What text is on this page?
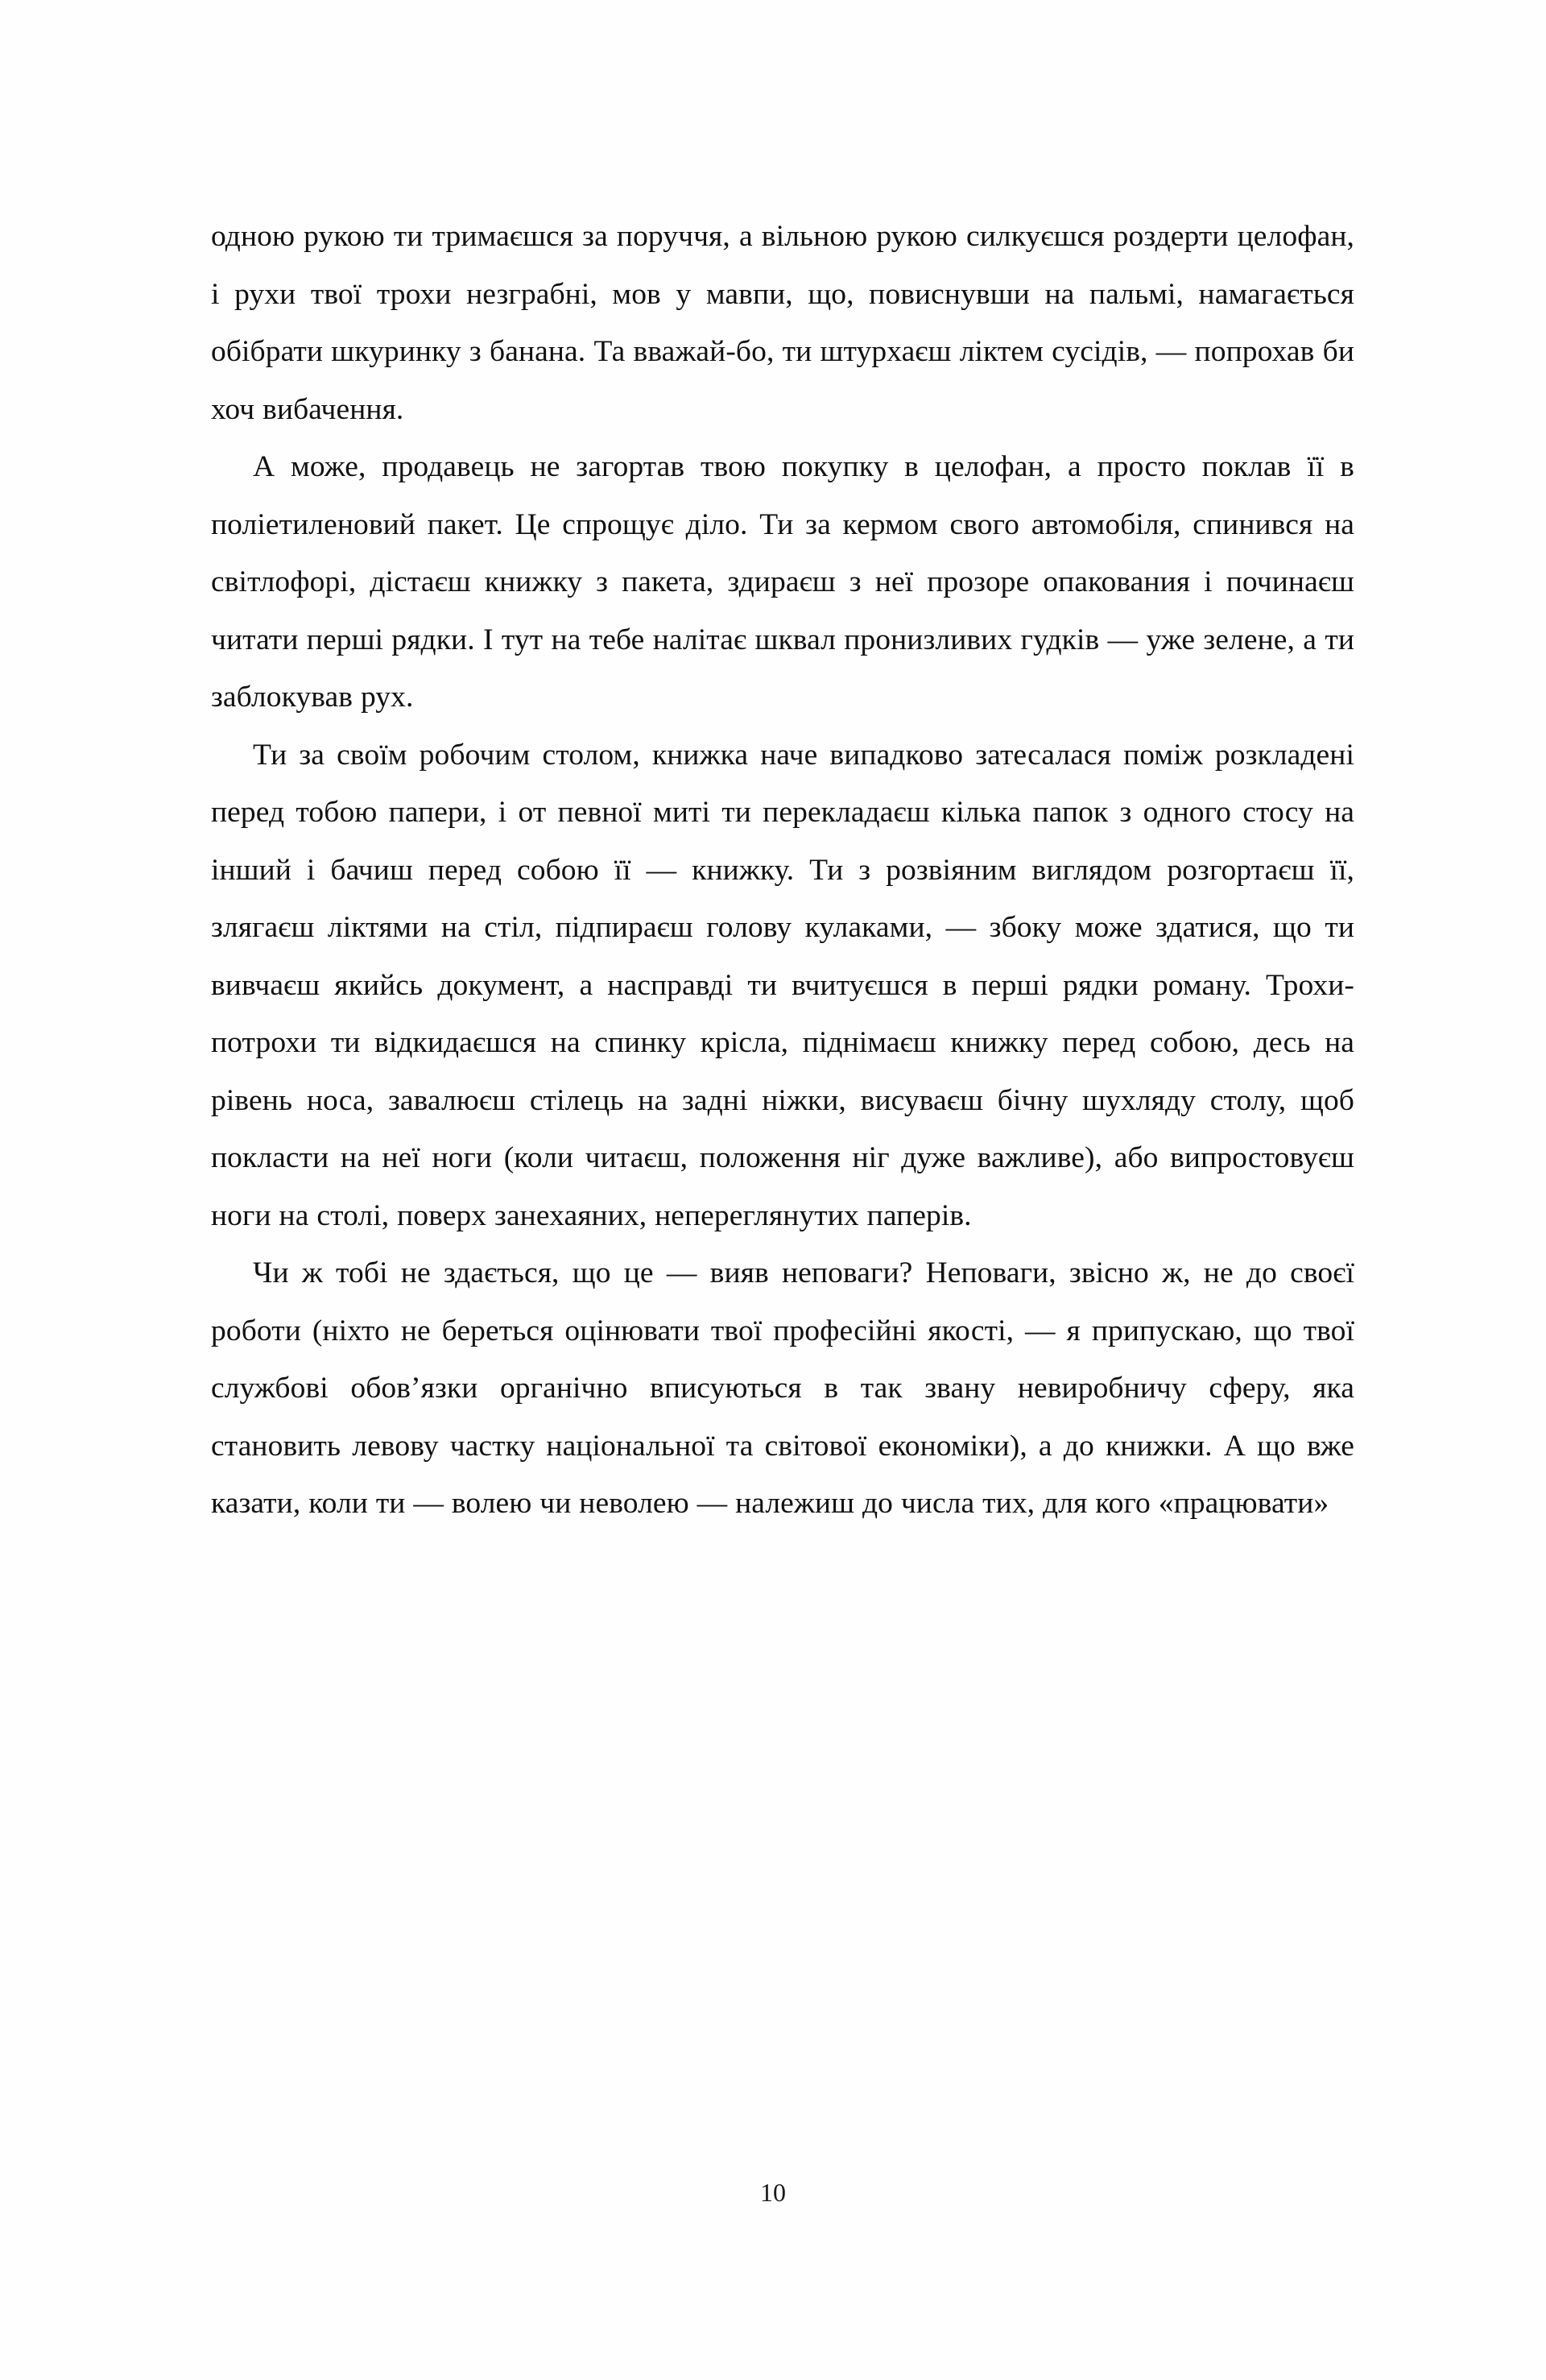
одною рукою ти тримаєшся за поруччя, а вільною рукою силкуєшся роздерти целофан, і рухи твої трохи незграбні, мов у мавпи, що, повиснувши на пальмі, намагається обібрати шкуринку з банана. Та вважай-бо, ти штурхаєш ліктем сусідів, — попрохав би хоч вибачення.

А може, продавець не загортав твою покупку в целофан, а просто поклав її в поліетиленовий пакет. Це спрощує діло. Ти за кермом свого автомобіля, спинився на світлофорі, дістаєш книжку з пакета, здираєш з неї прозоре опакования і починаєш читати перші рядки. І тут на тебе налітає шквал пронизливих гудків — уже зелене, а ти заблокував рух.

Ти за своїм робочим столом, книжка наче випадково затесалася поміж розкладені перед тобою папери, і от певної миті ти перекладаєш кілька папок з одного стосу на інший і бачиш перед собою її — книжку. Ти з розвіяним виглядом розгортаєш її, злягаєш ліктями на стіл, підпираєш голову кулаками, — збоку може здатися, що ти вивчаєш якийсь документ, а насправді ти вчитуєшся в перші рядки роману. Трохи-потрохи ти відкидаєшся на спинку крісла, піднімаєш книжку перед собою, десь на рівень носа, завалюєш стілець на задні ніжки, висуваєш бічну шухляду столу, щоб покласти на неї ноги (коли читаєш, положення ніг дуже важливе), або випростовуєш ноги на столі, поверх занехаяних, непереглянутих паперів.

Чи ж тобі не здається, що це — вияв неповаги? Неповаги, звісно ж, не до своєї роботи (ніхто не береться оцінювати твої професійні якості, — я припускаю, що твої службові обов’язки органічно вписуються в так звану невиробничу сферу, яка становить левову частку національної та світової економіки), а до книжки. А що вже казати, коли ти — волею чи неволею — належиш до числа тих, для кого «працювати»

10
